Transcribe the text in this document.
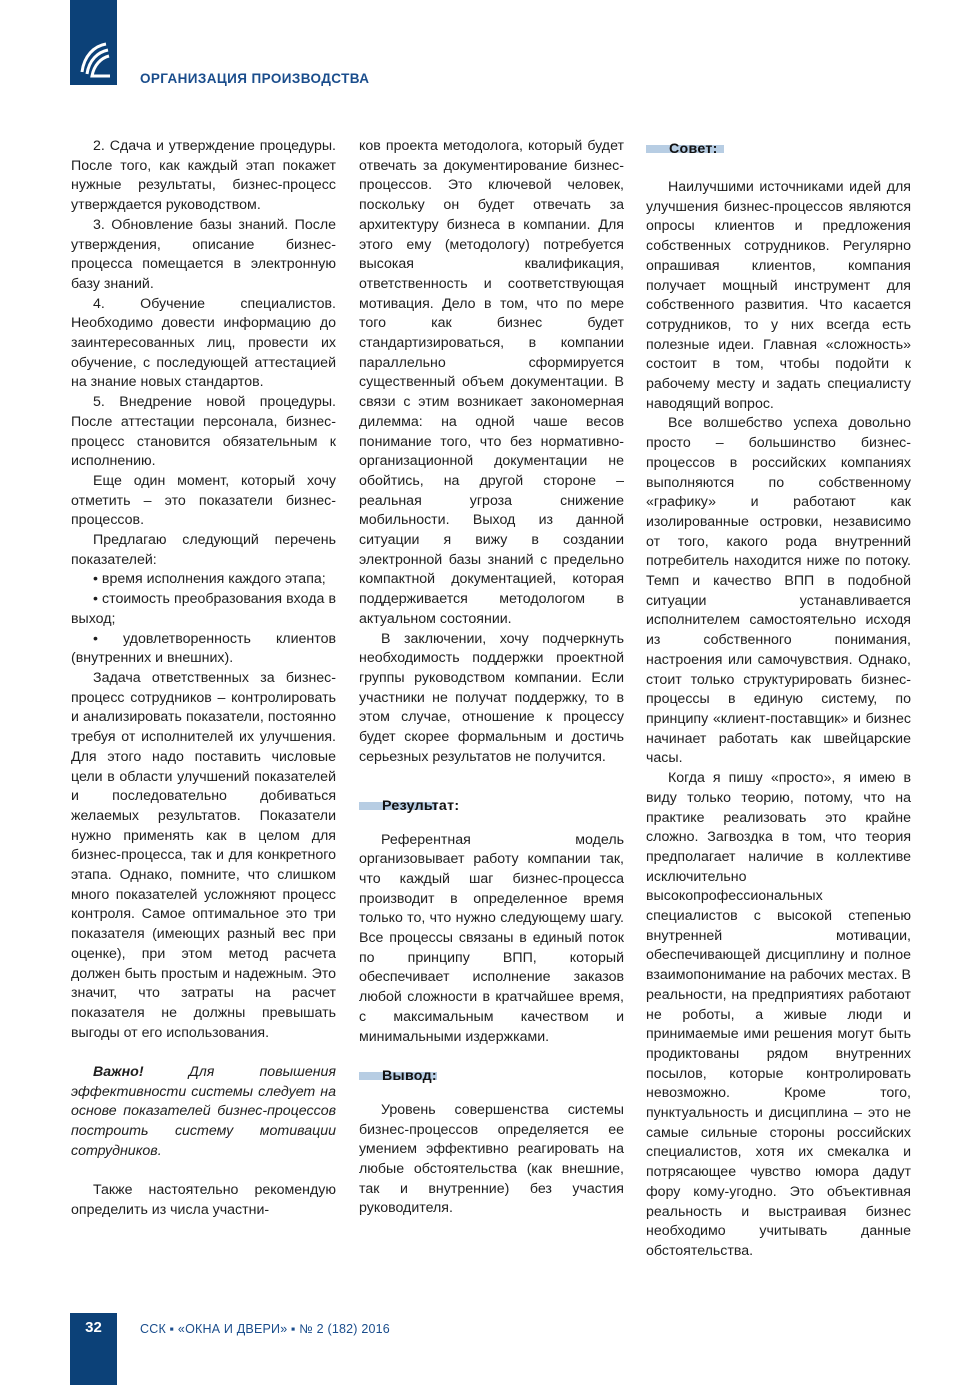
ОРГАНИЗАЦИЯ ПРОИЗВОДСТВА

2. Сдача и утверждение процедуры. После того, как каждый этап покажет нужные результаты, бизнес-процесс утверждается руководством.

3. Обновление базы знаний. После утверждения, описание бизнес-процесса помещается в электронную базу знаний.

4. Обучение специалистов. Необходимо довести информацию до заинтересованных лиц, провести их обучение, с последующей аттестацией на знание новых стандартов.

5. Внедрение новой процедуры. После аттестации персонала, бизнес-процесс становится обязательным к исполнению.

Еще один момент, который хочу отметить – это показатели бизнес-процессов.

Предлагаю следующий перечень показателей:

• время исполнения каждого этапа;

• стоимость преобразования входа в выход;

• удовлетворенность клиентов (внутренних и внешних).

Задача ответственных за бизнес-процесс сотрудников – контролировать и анализировать показатели, постоянно требуя от исполнителей их улучшения. Для этого надо поставить числовые цели в области улучшений показателей и последовательно добиваться желаемых результатов. Показатели нужно применять как в целом для бизнес-процесса, так и для конкретного этапа. Однако, помните, что слишком много показателей усложняют процесс контроля. Самое оптимальное это три показателя (имеющих разный вес при оценке), при этом метод расчета должен быть простым и надежным. Это значит, что затраты на расчет показателя не должны превышать выгоды от его использования.

Важно! Для повышения эффективности системы следует на основе показателей бизнес-процессов построить систему мотивации сотрудников.

Также настоятельно рекомендую определить из числа участни-

ков проекта методолога, который будет отвечать за документирование бизнес-процессов. Это ключевой человек, поскольку он будет отвечать за архитектуру бизнеса в компании. Для этого ему (методологу) потребуется высокая квалификация, ответственность и соответствующая мотивация. Дело в том, что по мере того как бизнес будет стандартизироваться, в компании параллельно сформируется существенный объем документации. В связи с этим возникает закономерная дилемма: на одной чаше весов понимание того, что без нормативно-организационной документации не обойтись, на другой стороне – реальная угроза снижение мобильности. Выход из данной ситуации я вижу в создании электронной базы знаний с предельно компактной документацией, которая поддерживается методологом в актуальном состоянии.

В заключении, хочу подчеркнуть необходимость поддержки проектной группы руководством компании. Если участники не получат поддержку, то в этом случае, отношение к процессу будет скорее формальным и достичь серьезных результатов не получится.

Результат:

Референтная модель организовывает работу компании так, что каждый шаг бизнес-процесса производит в определенное время только то, что нужно следующему шагу. Все процессы связаны в единый поток по принципу ВПП, который обеспечивает исполнение заказов любой сложности в кратчайшее время, с максимальным качеством и минимальными издержками.

Вывод:

Уровень совершенства системы бизнес-процессов определяется ее умением эффективно реагировать на любые обстоятельства (как внешние, так и внутренние) без участия руководителя.

Совет:

Наилучшими источниками идей для улучшения бизнес-процессов являются опросы клиентов и предложения собственных сотрудников. Регулярно опрашивая клиентов, компания получает мощный инструмент для собственного развития. Что касается сотрудников, то у них всегда есть полезные идеи. Главная «сложность» состоит в том, чтобы подойти к рабочему месту и задать специалисту наводящий вопрос.

Все волшебство успеха довольно просто – большинство бизнес-процессов в российских компаниях выполняются по собственному «графику» и работают как изолированные островки, независимо от того, какого рода внутренний потребитель находится ниже по потоку. Темп и качество ВПП в подобной ситуации устанавливается исполнителем самостоятельно исходя из собственного понимания, настроения или самочувствия. Однако, стоит только структурировать бизнес-процессы в единую систему, по принципу «клиент-поставщик» и бизнес начинает работать как швейцарские часы.

Когда я пишу «просто», я имею в виду только теорию, потому, что на практике реализовать это крайне сложно. Загвоздка в том, что теория предполагает наличие в коллективе исключительно высокопрофессиональных специалистов с высокой степенью внутренней мотивации, обеспечивающей дисциплину и полное взаимопонимание на рабочих местах. В реальности, на предприятиях работают не роботы, а живые люди и принимаемые ими решения могут быть продиктованы рядом внутренних посылов, которые контролировать невозможно. Кроме того, пунктуальность и дисциплина – это не самые сильные стороны российских специалистов, хотя их смекалка и потрясающее чувство юмора дадут фору кому-угодно. Это объективная реальность и выстраивая бизнес необходимо учитывать данные обстоятельства.

32	ССК ▪ «ОКНА И ДВЕРИ» ▪ № 2 (182) 2016
